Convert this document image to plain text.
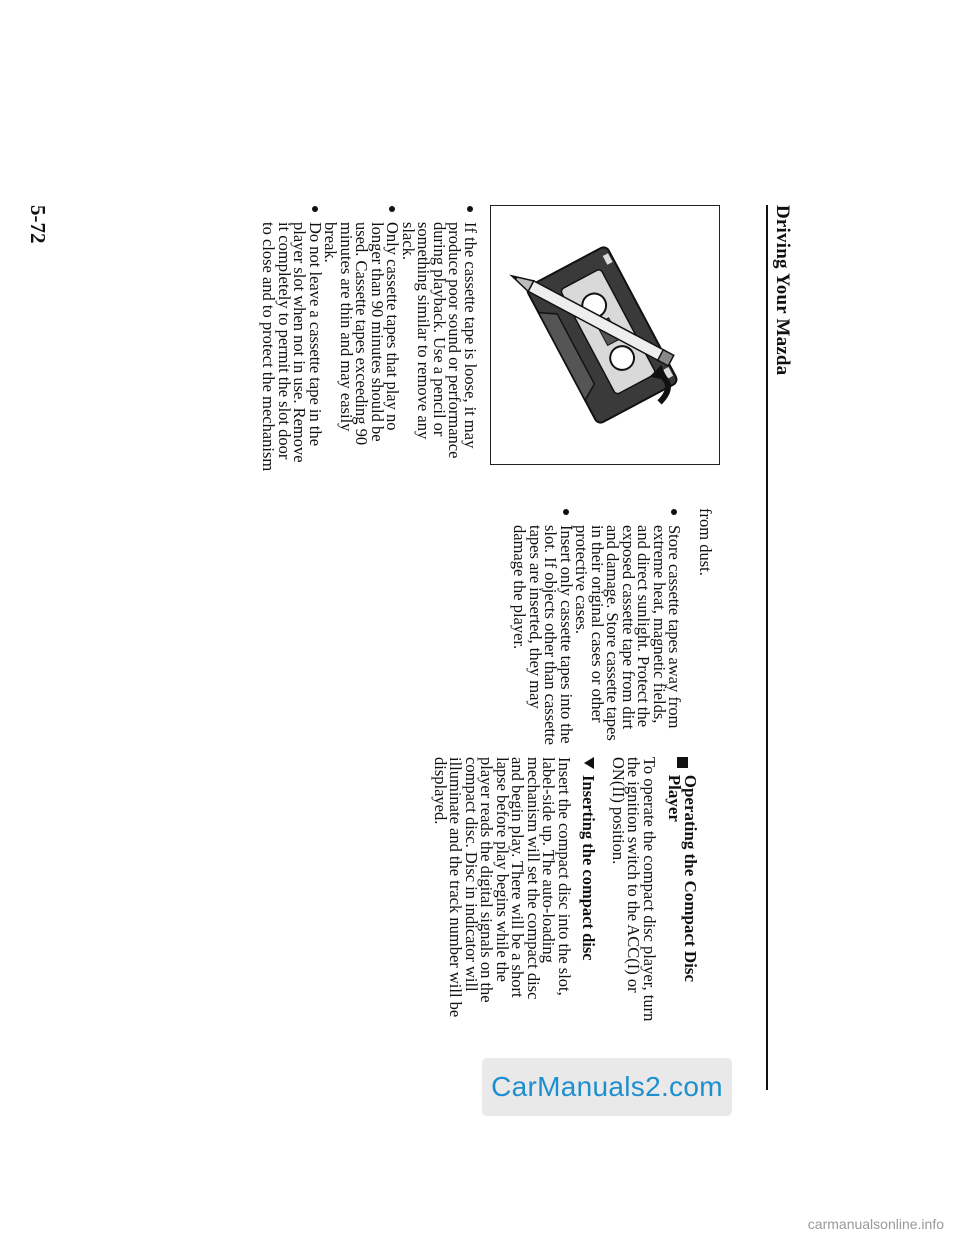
Driving Your Mazda

If the cassette tape is loose, it may produce poor sound or performance during playback. Use a pencil or something similar to remove any slack.

Only cassette tapes that play no longer than 90 minutes should be used. Cassette tapes exceeding 90 minutes are thin and may easily break.

Do not leave a cassette tape in the player slot when not in use. Remove it completely to permit the slot door to close and to protect the mechanism

from dust.

Store cassette tapes away from extreme heat, magnetic fields, and direct sunlight. Protect the exposed cassette tape from dirt and damage. Store cassette tapes in their original cases or other protective cases.

Insert only cassette tapes into the slot. If objects other than cassette tapes are inserted, they may damage the player.

Operating the Compact Disc Player

To operate the compact disc player, turn the ignition switch to the ACC(I) or ON(II) position.

Inserting the compact disc

Insert the compact disc into the slot, label-side up. The auto-loading mechanism will set the compact disc and begin play. There will be a short lapse before play begins while the player reads the digital signals on the compact disc. Disc in indicator will illuminate and the track number will be displayed.

5-72
CarManuals2.com
carmanualsonline.info
